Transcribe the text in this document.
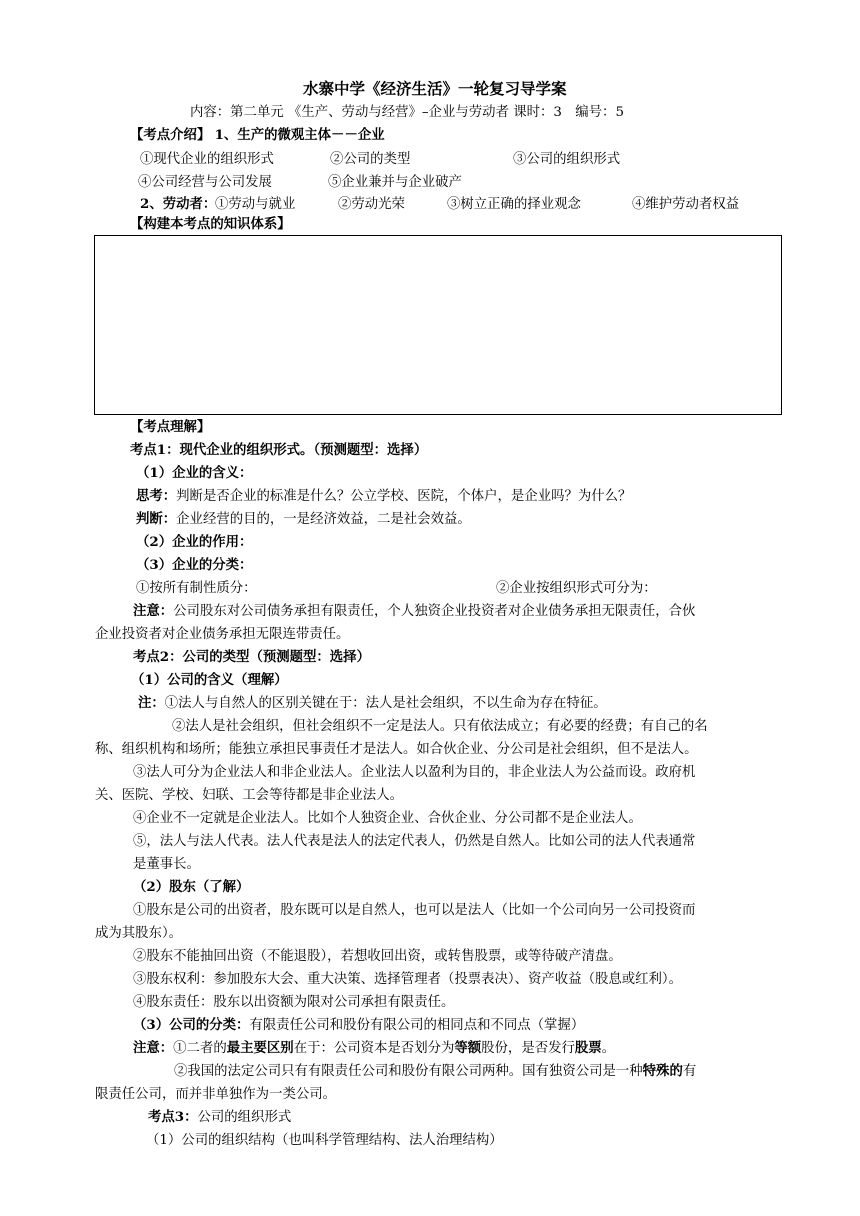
水寨中学《经济生活》一轮复习导学案
内容：第二单元 《生产、劳动与经营》–企业与劳动者 课时：3　编号：5
【考点介绍】 1、生产的微观主体－－企业
①现代企业的组织形式	②公司的类型	③公司的组织形式
④公司经营与公司发展	⑤企业兼并与企业破产
2、劳动者：
①劳动与就业	②劳动光荣	③树立正确的择业观念	④维护劳动者权益
【构建本考点的知识体系】
【考点理解】
考点1：现代企业的组织形式。（预测题型：选择）
（1）企业的含义：
思考：判断是否企业的标准是什么？公立学校、医院，个体户，是企业吗？为什么？
判断：企业经营的目的，一是经济效益，二是社会效益。
（2）企业的作用：
（3）企业的分类：
①按所有制性质分：	②企业按组织形式可分为：
注意：公司股东对公司债务承担有限责任，个人独资企业投资者对企业债务承担无限责任，合伙
企业投资者对企业债务承担无限连带责任。
考点2：公司的类型（预测题型：选择）
（1）公司的含义（理解）
注：①法人与自然人的区别关键在于：法人是社会组织，不以生命为存在特征。
②法人是社会组织，但社会组织不一定是法人。只有依法成立；有必要的经费；有自己的名
称、组织机构和场所；能独立承担民事责任才是法人。如合伙企业、分公司是社会组织，但不是法人。
③法人可分为企业法人和非企业法人。企业法人以盈利为目的，非企业法人为公益而设。政府机
关、医院、学校、妇联、工会等待都是非企业法人。
④企业不一定就是企业法人。比如个人独资企业、合伙企业、分公司都不是企业法人。
⑤，法人与法人代表。法人代表是法人的法定代表人，仍然是自然人。比如公司的法人代表通常
是董事长。
（2）股东（了解）
①股东是公司的出资者，股东既可以是自然人，也可以是法人（比如一个公司向另一公司投资而
成为其股东）。
②股东不能抽回出资（不能退股），若想收回出资，或转售股票，或等待破产清盘。
③股东权利：参加股东大会、重大决策、选择管理者（投票表决）、资产收益（股息或红利）。
④股东责任：股东以出资额为限对公司承担有限责任。
（3）公司的分类：有限责任公司和股份有限公司的相同点和不同点（掌握）
注意：①二者的最主要区别在于：公司资本是否划分为等额股份，是否发行股票。
②我国的法定公司只有有限责任公司和股份有限公司两种。国有独资公司是一种特殊的有
限责任公司，而并非单独作为一类公司。
考点3：公司的组织形式
（1）公司的组织结构（也叫科学管理结构、法人治理结构）
